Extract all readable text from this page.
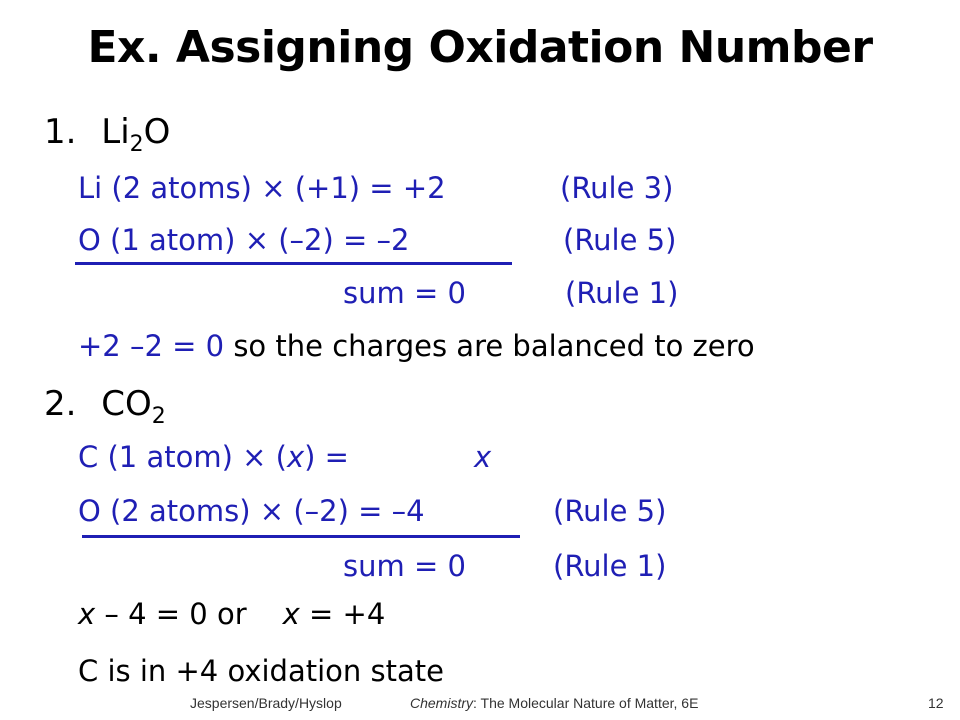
Ex. Assigning Oxidation Number
1. $Li_2O$
Li (2 atoms) × (+1) = +2	(Rule 3)
O (1 atom) × (–2) = –2	(Rule 5)
sum = 0	(Rule 1)
+2 –2 = 0 so the charges are balanced to zero
2. $CO_2$
C (1 atom) × (x) =	x
O (2 atoms) × (–2) = –4	(Rule 5)
sum = 0	(Rule 1)
x – 4 = 0 or x = +4
C is in +4 oxidation state
Jespersen/Brady/Hyslop	Chemistry: The Molecular Nature of Matter, 6E	12
